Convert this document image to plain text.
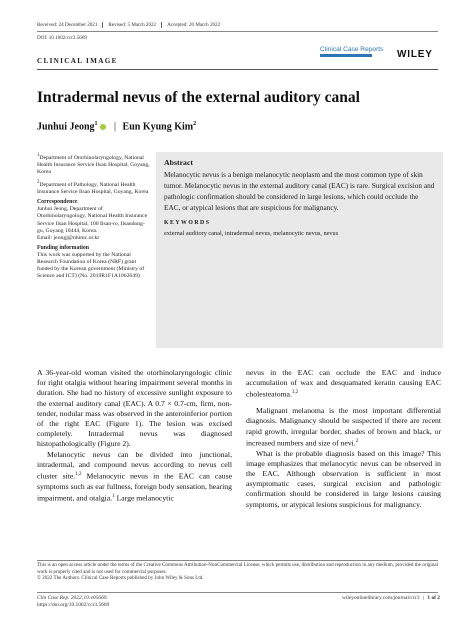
Received: 24 December 2021 Revised: 5 March 2022 Accepted: 20 March 2022
DOI: 10.1002/ccr3.5669
CLINICAL IMAGE
Clinical Case Reports WILEY
Intradermal nevus of the external auditory canal
Junhui Jeong$^1$ | Eun Kyung Kim$^2$

$^1$Department of Otorhinolaryngology, National Health Insurance Service Ilsan Hospital, Goyang, Korea

$^2$Department of Pathology, National Health Insurance Service Ilsan Hospital, Goyang, Korea

Correspondence

Junhui Jeong, Department of Otorhinolaryngology, National Health Insurance Service Ilsan Hospital, 100 Ilsan-ro, Ilsandong-gu, Goyang 10444, Korea.

Email: jeongj@nhimc.or.kr

Funding information

This work was supported by the National Research Foundation of Korea (NRF) grant funded by the Korean government (Ministry of Science and ICT) (No. 2019R1F1A1062649)

Abstract
Melanocytic nevus is a benign melanocytic neoplasm and the most common type of skin tumor. Melanocytic nevus in the external auditory canal (EAC) is rare. Surgical excision and pathologic confirmation should be considered in large lesions, which could occlude the EAC, or atypical lesions that are suspicious for malignancy.
KEYWORDS
external auditory canal, intradermal nevus, melanocytic nevus, nevus

A 36-year-old woman visited the otorhinolaryngologic clinic for right otalgia without hearing impairment several months in duration. She had no history of excessive sunlight exposure to the external auditory canal (EAC). A 0.7 × 0.7-cm, firm, non-tender, nodular mass was observed in the anteroinferior portion of the right EAC (Figure 1). The lesion was excised completely. Intradermal nevus was diagnosed histopathologically (Figure 2).

Melanocytic nevus can be divided into junctional, intradermal, and compound nevus according to nevus cell cluster site.$^{1,2}$ Melanocytic nevus in the EAC can cause symptoms such as ear fullness, foreign body sensation, hearing impairment, and otalgia.$^1$ Large melanocytic

nevus in the EAC can occlude the EAC and induce accumulation of wax and desquamated keratin causing EAC cholesteatoma.$^{1,2}$

Malignant melanoma is the most important differential diagnosis. Malignancy should be suspected if there are recent rapid growth, irregular border, shades of brown and black, or increased numbers and size of nevi.$^2$

What is the probable diagnosis based on this image? This image emphasizes that melanocytic nevus can be observed in the EAC. Although observation is sufficient in most asymptomatic cases, surgical excision and pathologic confirmation should be considered in large lesions causing symptoms, or atypical lesions suspicious for malignancy.

This is an open access article under the terms of the Creative Commons Attribution-NonCommercial License, which permits use, distribution and reproduction in any medium, provided the original work is properly cited and is not used for commercial purposes.
© 2022 The Authors. Clinical Case Reports published by John Wiley & Sons Ltd.
Clin Case Rep. 2022;10:e05669.
https://doi.org/10.1002/ccr3.5669
wileyonlinelibrary.com/journal/ccr3 | 1 of 2
